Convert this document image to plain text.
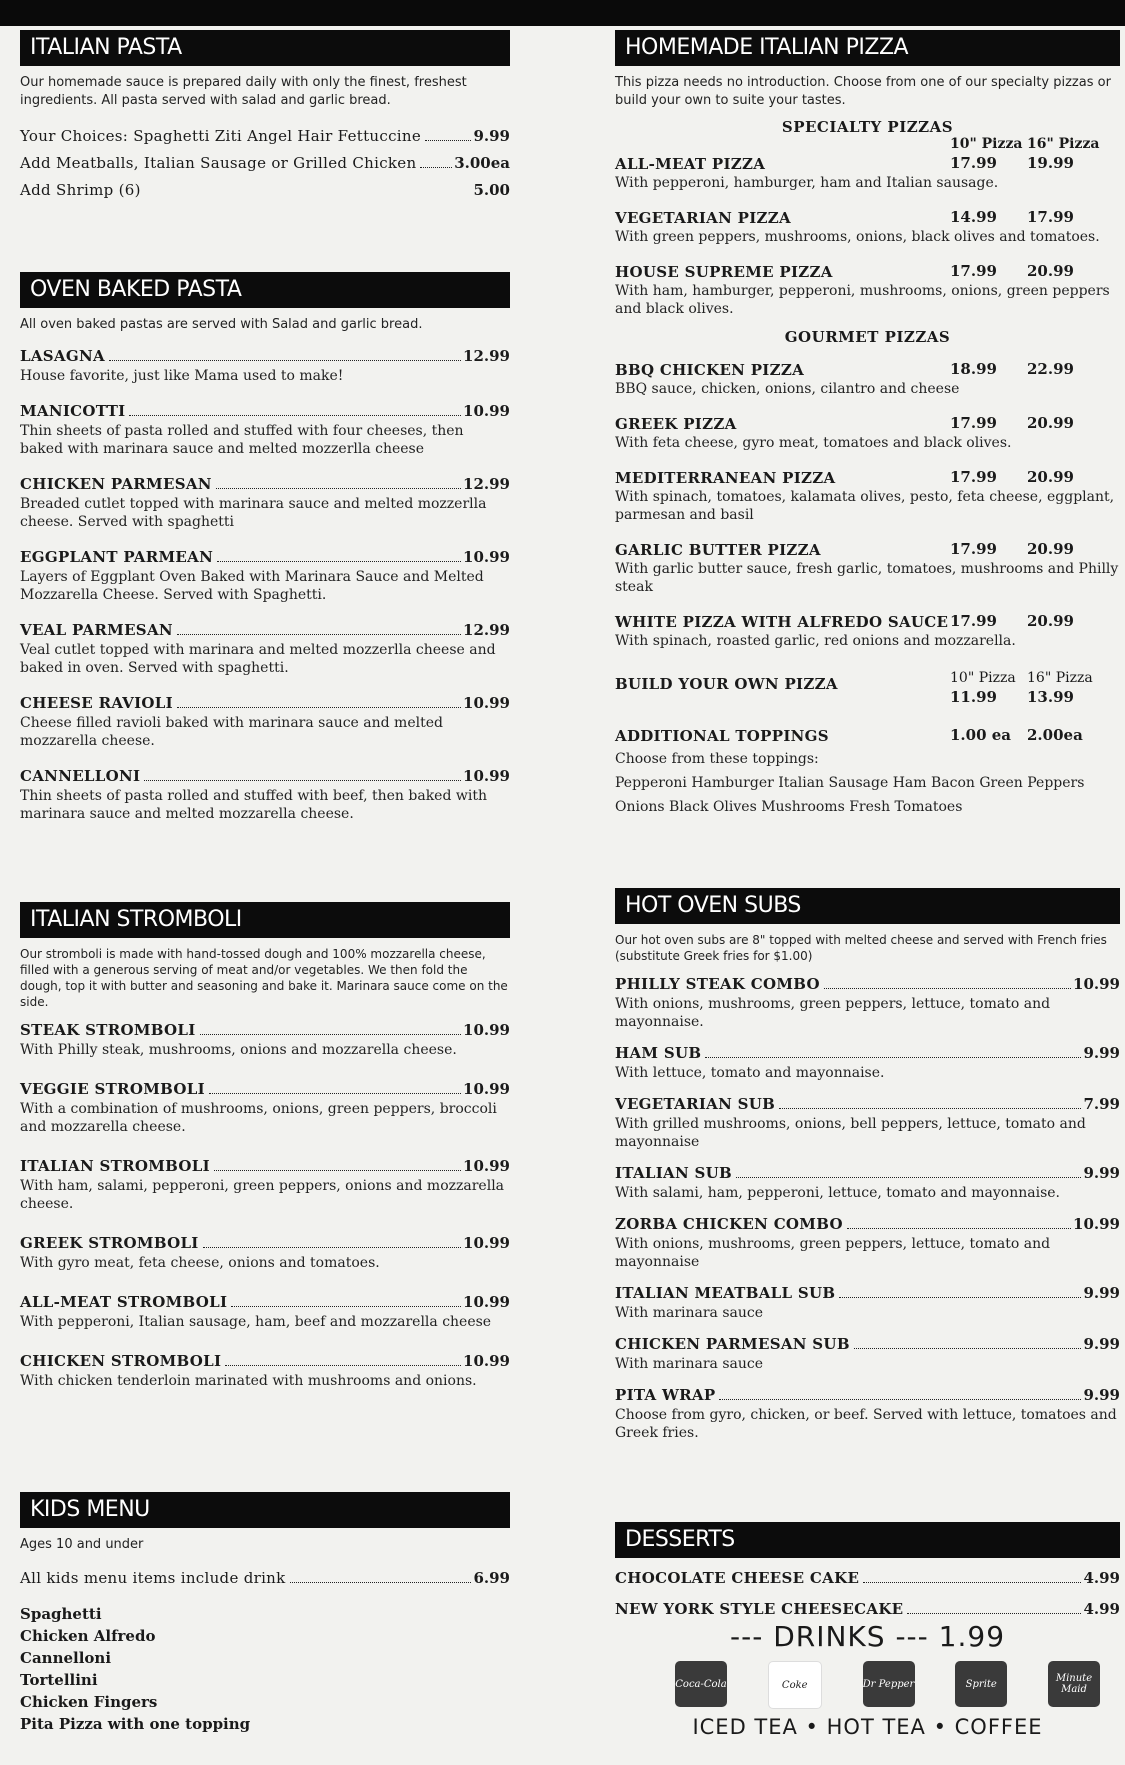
ITALIAN PASTA
Our homemade sauce is prepared daily with only the finest, freshest ingredients. All pasta served with salad and garlic bread.
Your Choices: Spaghetti Ziti Angel Hair Fettuccine	9.99
Add Meatballs, Italian Sausage or Grilled Chicken	3.00ea
Add Shrimp (6)	5.00
OVEN BAKED PASTA
All oven baked pastas are served with Salad and garlic bread.
LASAGNA	12.99
House favorite, just like Mama used to make!
MANICOTTI	10.99
Thin sheets of pasta rolled and stuffed with four cheeses, then baked with marinara sauce and melted mozzerlla cheese
CHICKEN PARMESAN	12.99
Breaded cutlet topped with marinara sauce and melted mozzerlla cheese. Served with spaghetti
EGGPLANT PARMEAN	10.99
Layers of Eggplant Oven Baked with Marinara Sauce and Melted Mozzarella Cheese. Served with Spaghetti.
VEAL PARMESAN	12.99
Veal cutlet topped with marinara and melted mozzerlla cheese and baked in oven. Served with spaghetti.
CHEESE RAVIOLI	10.99
Cheese filled ravioli baked with marinara sauce and melted mozzarella cheese.
CANNELLONI	10.99
Thin sheets of pasta rolled and stuffed with beef, then baked with marinara sauce and melted mozzarella cheese.
ITALIAN STROMBOLI
Our stromboli is made with hand-tossed dough and 100% mozzarella cheese, filled with a generous serving of meat and/or vegetables. We then fold the dough, top it with butter and seasoning and bake it. Marinara sauce come on the side.
STEAK STROMBOLI	10.99
With Philly steak, mushrooms, onions and mozzarella cheese.
VEGGIE STROMBOLI	10.99
With a combination of mushrooms, onions, green peppers, broccoli and mozzarella cheese.
ITALIAN STROMBOLI	10.99
With ham, salami, pepperoni, green peppers, onions and mozzarella cheese.
GREEK STROMBOLI	10.99
With gyro meat, feta cheese, onions and tomatoes.
ALL-MEAT STROMBOLI	10.99
With pepperoni, Italian sausage, ham, beef and mozzarella cheese
CHICKEN STROMBOLI	10.99
With chicken tenderloin marinated with mushrooms and onions.
KIDS MENU
Ages 10 and under
All kids menu items include drink	6.99
Spaghetti
Chicken Alfredo
Cannelloni
Tortellini
Chicken Fingers
Pita Pizza with one topping
HOMEMADE ITALIAN PIZZA
This pizza needs no introduction. Choose from one of our specialty pizzas or build your own to suite your tastes.
SPECIALTY PIZZAS
10" Pizza 16" Pizza
ALL-MEAT PIZZA	17.99 19.99
With pepperoni, hamburger, ham and Italian sausage.
VEGETARIAN PIZZA	14.99 17.99
With green peppers, mushrooms, onions, black olives and tomatoes.
HOUSE SUPREME PIZZA	17.99 20.99
With ham, hamburger, pepperoni, mushrooms, onions, green peppers and black olives.
GOURMET PIZZAS
BBQ CHICKEN PIZZA	18.99 22.99
BBQ sauce, chicken, onions, cilantro and cheese
GREEK PIZZA	17.99 20.99
With feta cheese, gyro meat, tomatoes and black olives.
MEDITERRANEAN PIZZA	17.99 20.99
With spinach, tomatoes, kalamata olives, pesto, feta cheese, eggplant, parmesan and basil
GARLIC BUTTER PIZZA	17.99 20.99
With garlic butter sauce, fresh garlic, tomatoes, mushrooms and Philly steak
WHITE PIZZA WITH ALFREDO SAUCE 17.99 20.99
With spinach, roasted garlic, red onions and mozzarella.
BUILD YOUR OWN PIZZA	10" Pizza 16" Pizza
11.99 13.99
ADDITIONAL TOPPINGS	1.00 ea 2.00ea
Choose from these toppings:
Pepperoni Hamburger Italian Sausage Ham Bacon Green Peppers
Onions Black Olives Mushrooms Fresh Tomatoes
HOT OVEN SUBS
Our hot oven subs are 8" topped with melted cheese and served with French fries (substitute Greek fries for $1.00)
PHILLY STEAK COMBO	10.99
With onions, mushrooms, green peppers, lettuce, tomato and mayonnaise.
HAM SUB	9.99
With lettuce, tomato and mayonnaise.
VEGETARIAN SUB	7.99
With grilled mushrooms, onions, bell peppers, lettuce, tomato and mayonnaise
ITALIAN SUB	9.99
With salami, ham, pepperoni, lettuce, tomato and mayonnaise.
ZORBA CHICKEN COMBO	10.99
With onions, mushrooms, green peppers, lettuce, tomato and mayonnaise
ITALIAN MEATBALL SUB	9.99
With marinara sauce
CHICKEN PARMESAN SUB	9.99
With marinara sauce
PITA WRAP	9.99
Choose from gyro, chicken, or beef. Served with lettuce, tomatoes and Greek fries.
DESSERTS
CHOCOLATE CHEESE CAKE	4.99
NEW YORK STYLE CHEESECAKE	4.99
--- DRINKS --- 1.99
Coca-Cola	Coke	Dr Pepper	Sprite	Minute Maid
ICED TEA • HOT TEA • COFFEE
